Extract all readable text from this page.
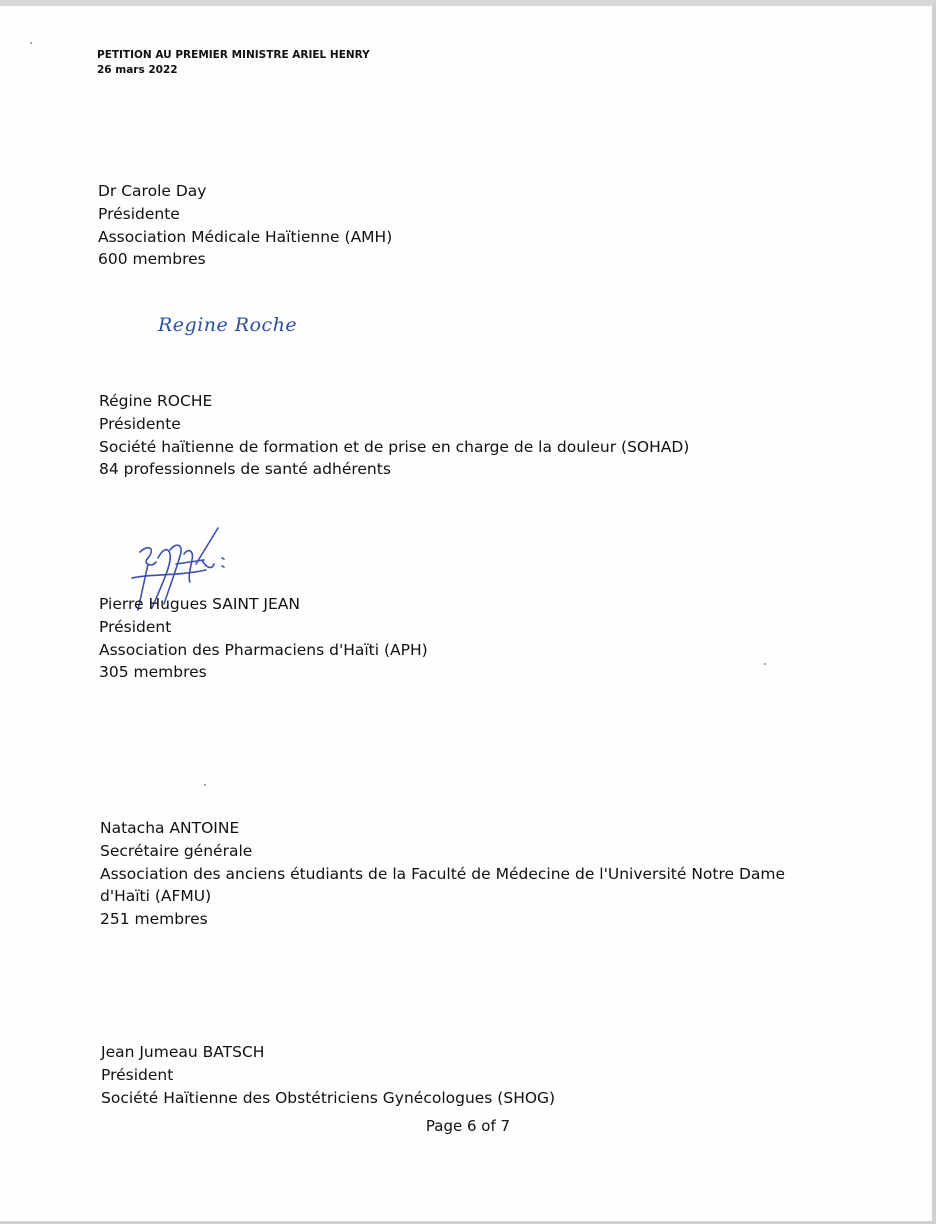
PETITION AU PREMIER MINISTRE ARIEL HENRY
26 mars 2022
Dr Carole Day
Présidente
Association Médicale Haïtienne (AMH)
600 membres
Regine Roche
Régine ROCHE
Présidente
Société haïtienne de formation et de prise en charge de la douleur (SOHAD)
84 professionnels de santé adhérents
Pierre Hugues SAINT JEAN
Président
Association des Pharmaciens d'Haïti (APH)
305 membres
Natacha ANTOINE
Secrétaire générale
Association des anciens étudiants de la Faculté de Médecine de l'Université Notre Dame d'Haïti (AFMU)
251 membres
Jean Jumeau BATSCH
Président
Société Haïtienne des Obstétriciens Gynécologues (SHOG)
Page 6 of 7
